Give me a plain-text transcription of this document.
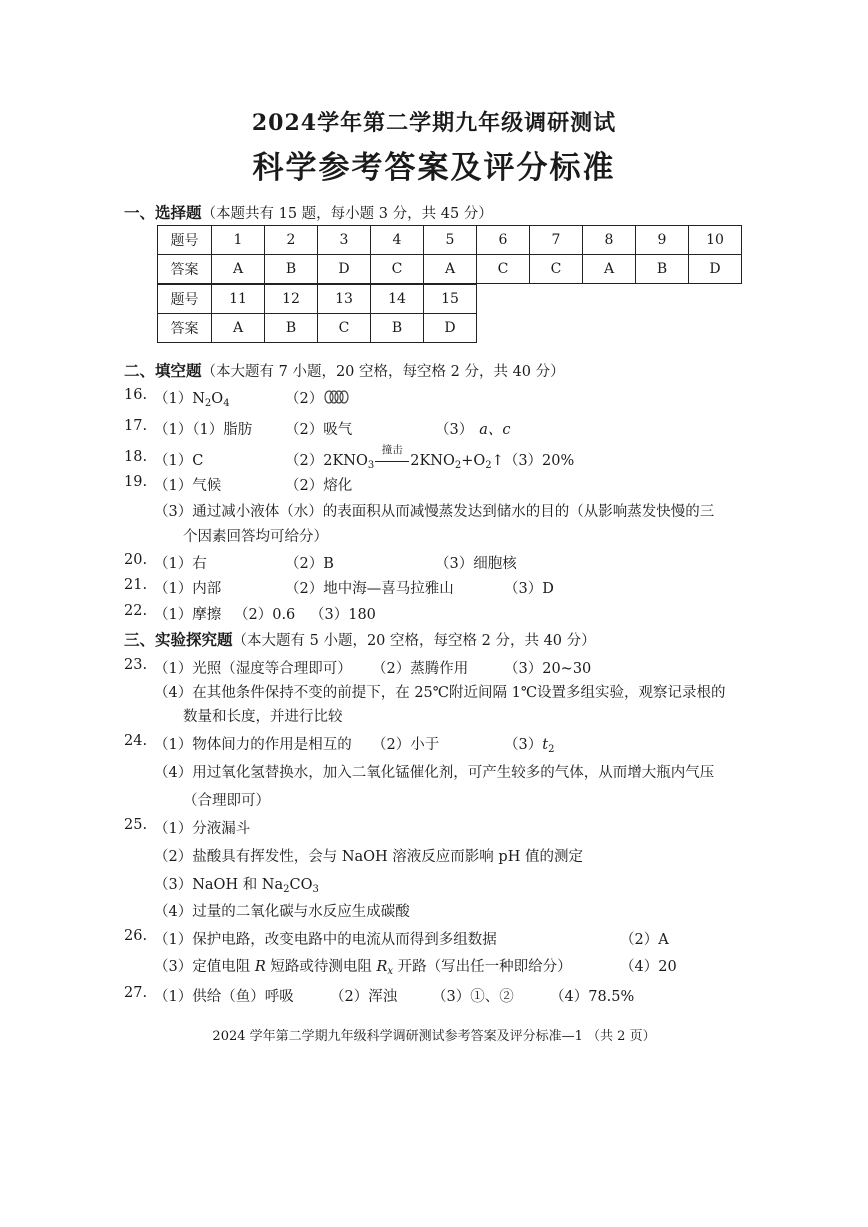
2024学年第二学期九年级调研测试
科学参考答案及评分标准
一、选择题（本题共有 15 题，每小题 3 分，共 45 分）
题号	1	2	3	4	5	6	7	8	9	10
答案	A	B	D	C	A	C	C	A	B	D
题号	11	12	13	14	15
答案	A	B	C	B	D
二、填空题（本大题有 7 小题，20 空格，每空格 2 分，共 40 分）
16. $(1)N_2O_4$	（2）
17. （1）（1）脂肪 （2）吸气	（3） a、c
18. （1）C	$(2)2KNO_3$
撞击
$2KNO_2+O_2↑(3)20\%$
19. （1）气候	（2）熔化
（3）通过减小液体（水）的表面积从而减慢蒸发达到储水的目的（从影响蒸发快慢的三
个因素回答均可给分）
20. （1）右	（2）B	（3）细胞核
21. （1）内部	（2）地中海—喜马拉雅山	（3）D
22. （1）摩擦 （2）0.6 （3）180
三、实验探究题（本大题有 5 小题，20 空格，每空格 2 分，共 40 分）
23. （1）光照（湿度等合理即可） （2）蒸腾作用 （3）20~30
（4）在其他条件保持不变的前提下，在 25℃附近间隔 1℃设置多组实验，观察记录根的
数量和长度，并进行比较
24. （1）物体间力的作用是相互的 （2）小于	$(3)t_2$
（4）用过氧化氢替换水，加入二氧化锰催化剂，可产生较多的气体，从而增大瓶内气压
（合理即可）
25. （1）分液漏斗
（2）盐酸具有挥发性，会与 NaOH 溶液反应而影响 pH 值的测定
（3）NaOH 和 $Na_2CO_3$
（4）过量的二氧化碳与水反应生成碳酸
26. （1）保护电路，改变电路中的电流从而得到多组数据	（2）A
（3）定值电阻 R 短路或待测电阻 $R_x$ 开路（写出任一种即给分）	（4）20
27. （1）供给（鱼）呼吸	（2）浑浊 （3）①、②	（4）78.5%
2024 学年第二学期九年级科学调研测试参考答案及评分标准—1 （共 2 页）
